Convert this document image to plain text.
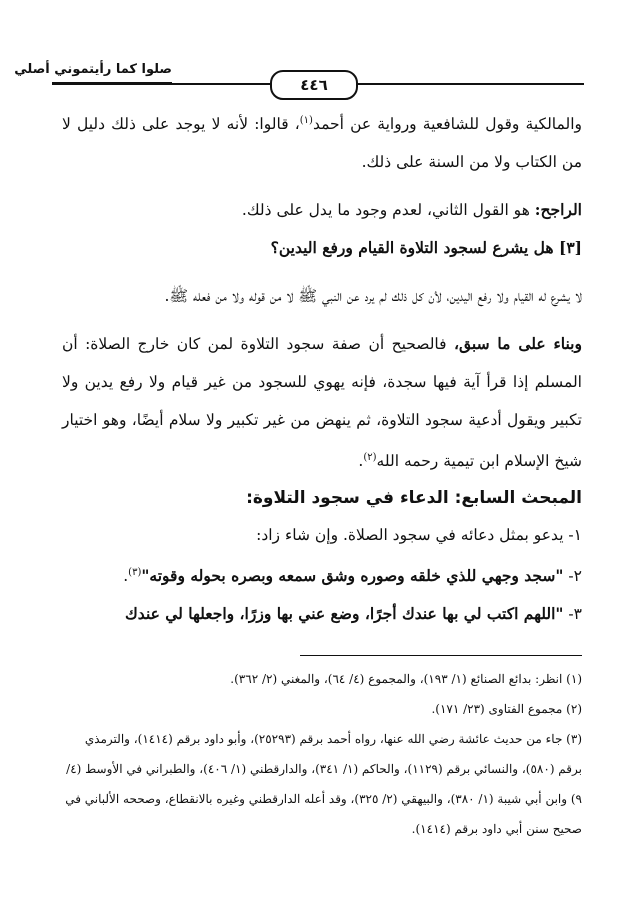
صلوا كما رأيتموني أصلي
٤٤٦

والمالكية وقول للشافعية ورواية عن أحمد$^{(١)}$، قالوا: لأنه لا يوجد على ذلك دليل لا من الكتاب ولا من السنة على ذلك.

الراجح: هو القول الثاني، لعدم وجود ما يدل على ذلك.

[٣] هل يشرع لسجود التلاوة القيام ورفع اليدين؟

لا يشرع له القيام ولا رفع اليدين، لأن كل ذلك لم يرد عن النبي ﷺ لا من قوله ولا من فعله ﷺ.

وبناء على ما سبق، فالصحيح أن صفة سجود التلاوة لمن كان خارج الصلاة: أن المسلم إذا قرأ آية فيها سجدة، فإنه يهوي للسجود من غير قيام ولا رفع يدين ولا تكبير ويقول أدعية سجود التلاوة، ثم ينهض من غير تكبير ولا سلام أيضًا، وهو اختيار شيخ الإسلام ابن تيمية رحمه الله$^{(٢)}$.

المبحث السابع: الدعاء في سجود التلاوة:

١- يدعو بمثل دعائه في سجود الصلاة. وإن شاء زاد:

٢- "سجد وجهي للذي خلقه وصوره وشق سمعه وبصره بحوله وقوته"$^{(٣)}$.

٣- "اللهم اكتب لي بها عندك أجرًا، وضع عني بها وزرًا، واجعلها لي عندك

(١) انظر: بدائع الصنائع (١/ ١٩٣)، والمجموع (٤/ ٦٤)، والمغني (٢/ ٣٦٢).

(٢) مجموع الفتاوى (٢٣/ ١٧١).

(٣) جاء من حديث عائشة رضي الله عنها، رواه أحمد برقم (٢٥٢٩٣)، وأبو داود برقم (١٤١٤)، والترمذي برقم (٥٨٠)، والنسائي برقم (١١٢٩)، والحاكم (١/ ٣٤١)، والدارقطني (١/ ٤٠٦)، والطبراني في الأوسط (٤/ ٩) وابن أبي شيبة (١/ ٣٨٠)، والبيهقي (٢/ ٣٢٥)، وقد أعله الدارقطني وغيره بالانقطاع، وصححه الألباني في صحيح سنن أبي داود برقم (١٤١٤).
